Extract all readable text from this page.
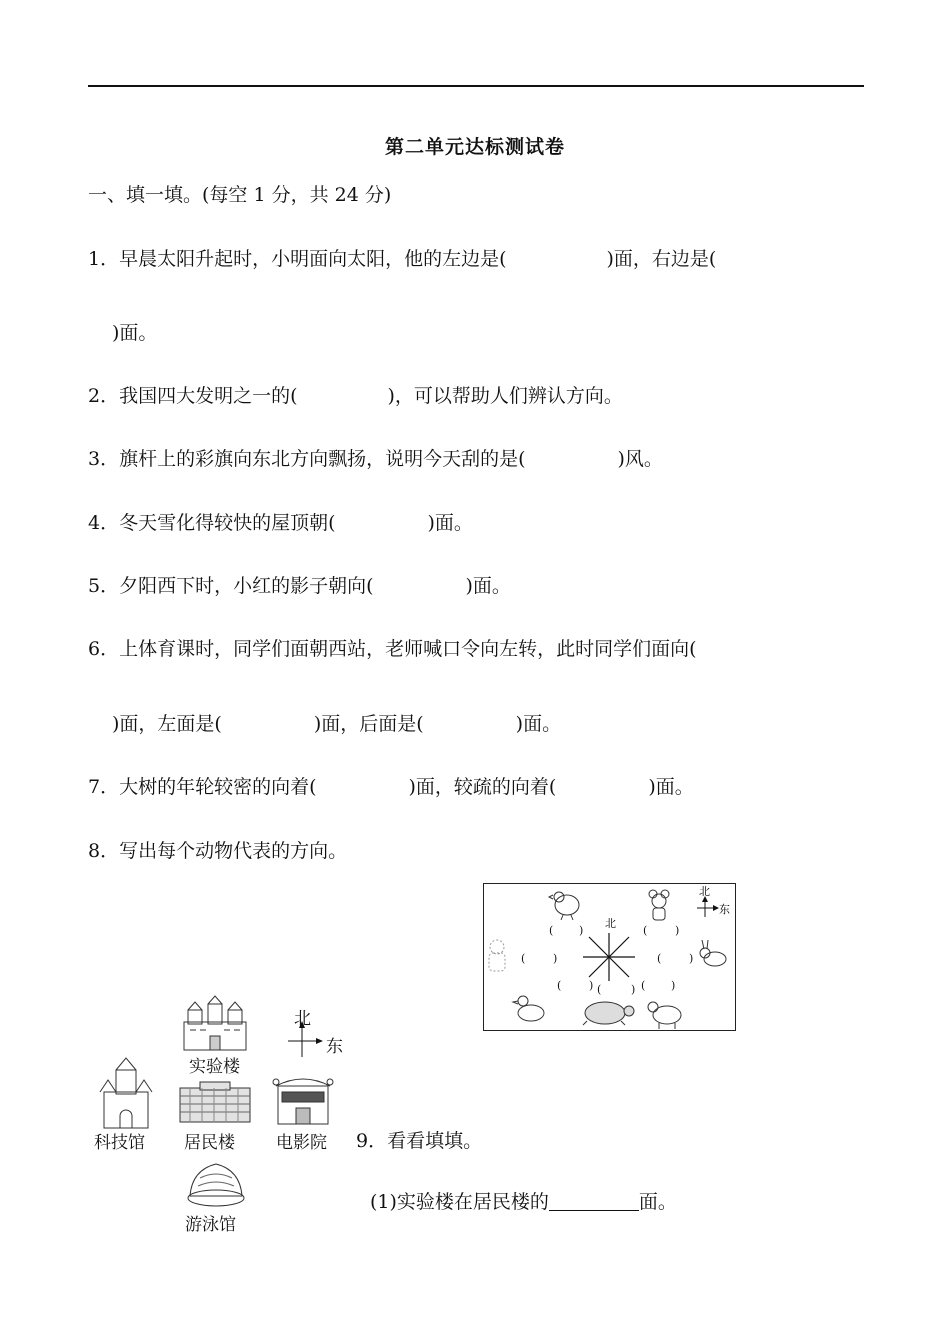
第二单元达标测试卷
一、填一填。(每空 1 分，共 24 分)
1．早晨太阳升起时，小明面向太阳，他的左边是(	)面，右边是(
)面。
2．我国四大发明之一的(	)，可以帮助人们辨认方向。
3．旗杆上的彩旗向东北方向飘扬，说明今天刮的是(	)风。
4．冬天雪化得较快的屋顶朝(	)面。
5．夕阳西下时，小红的影子朝向(	)面。
6．上体育课时，同学们面朝西站，老师喊口令向左转，此时同学们面向(
)面，左面是(	)面，后面是(	)面。
7．大树的年轮较密的向着(	)面，较疏的向着(	)面。
8．写出每个动物代表的方向。
北
东
北
( )	(	)
(	)	(	)
(	) (	) ( )
北
东
实验楼
科技馆 居民楼 电影院
游泳馆
9．看看填填。
(1)实验楼在居民楼的	面。
